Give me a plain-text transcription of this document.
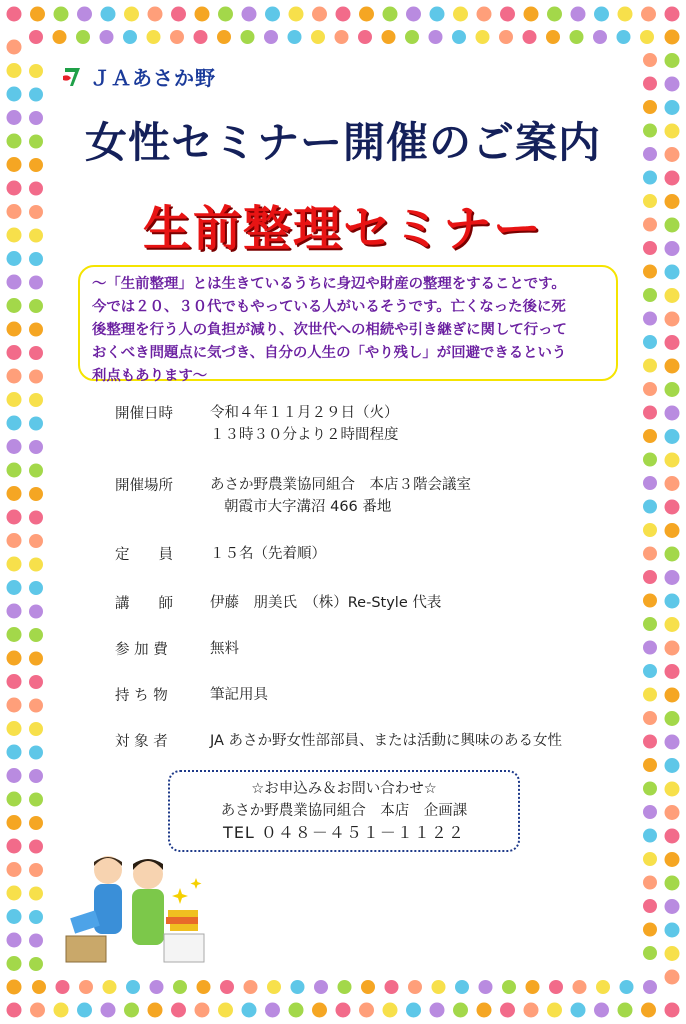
ＪＡあさか野
女性セミナー開催のご案内
生前整理セミナー
～「生前整理」とは生きているうちに身辺や財産の整理をすることです。
今では２０、３０代でもやっている人がいるそうです。亡くなった後に死
後整理を行う人の負担が減り、次世代への相続や引き継ぎに関して行って
おくべき問題点に気づき、自分の人生の「やり残し」が回避できるという
利点もあります～
開催日時	令和４年１１月２９日（火）
１３時３０分より２時間程度
開催場所	あさか野農業協同組合　本店３階会議室
朝霞市大字溝沼 466 番地
定　　員	１５名（先着順）
講　　師	伊藤　朋美氏　（株）Re-Style 代表
参 加 費	無料
持 ち 物	筆記用具
対 象 者	JA あさか野女性部部員、または活動に興味のある女性
☆お申込み＆お問い合わせ☆
あさか野農業協同組合　本店　企画課
TEL ０４８－４５１－１１２２
